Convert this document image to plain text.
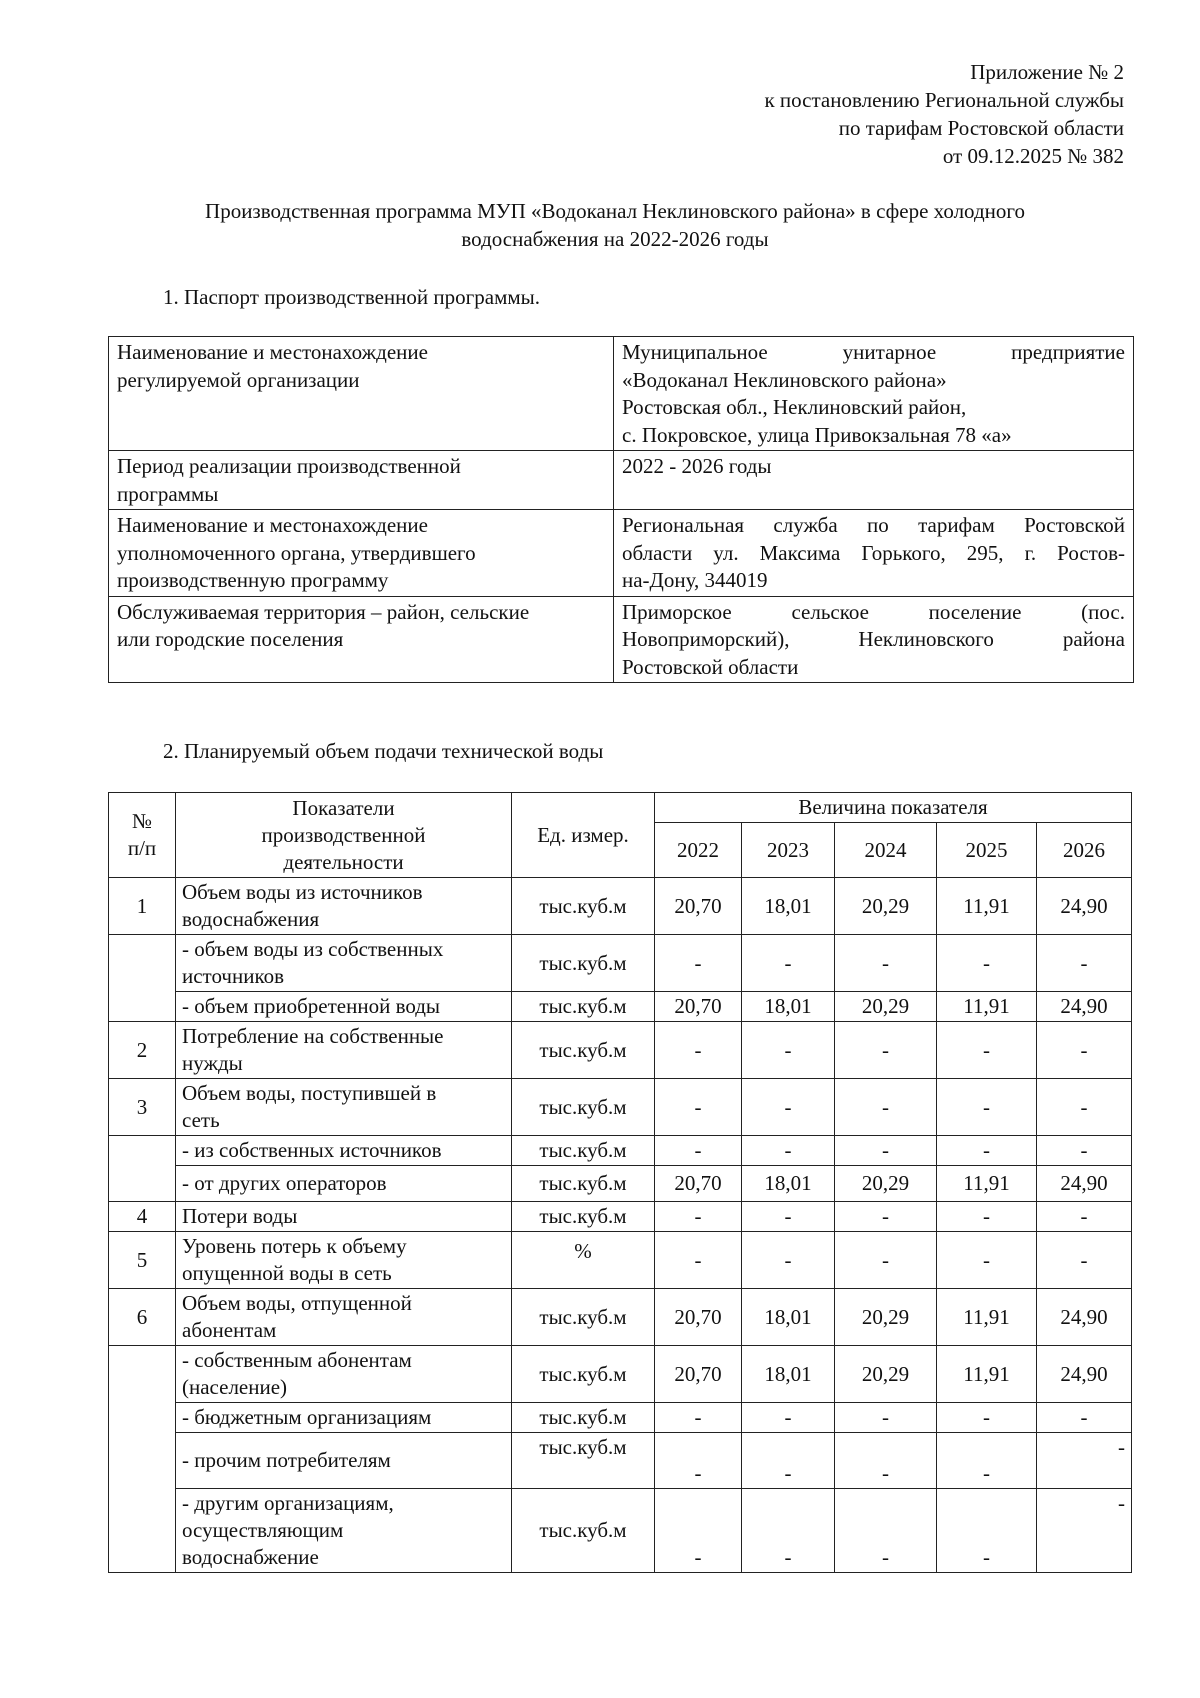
Приложение № 2
к постановлению Региональной службы
по тарифам Ростовской области
от 09.12.2025 № 382
Производственная программа МУП «Водоканал Неклиновского района» в сфере холодного
водоснабжения на 2022-2026 годы
1. Паспорт производственной программы.
Наименование и местонахождение
регулируемой организации	Муниципальное унитарное предприятие
«Водоканал Неклиновского района»
Ростовская обл., Неклиновский район,
с. Покровское, улица Привокзальная 78 «а»

Период реализации производственной
программы	2022 - 2026 годы

Наименование и местонахождение
уполномоченного органа, утвердившего
производственную программу	Региональная служба по тарифам Ростовской
области ул. Максима Горького, 295, г. Ростов-
на-Дону, 344019

Обслуживаемая территория – район, сельские
или городские поселения	Приморское сельское поселение (пос.
Новоприморский), Неклиновского района
Ростовской области
2. Планируемый объем подачи технической воды
№
п/п	Показатели
производственной
деятельности	Ед. измер.	Величина показателя				
			2022	2023	2024	2025	2026
1	Объем воды из источников
водоснабжения	тыс.куб.м	20,70	18,01	20,29	11,91	24,90

	- объем воды из собственных
источников	тыс.куб.м	-	-	-	-	-

	- объем приобретенной воды	тыс.куб.м	20,70	18,01	20,29	11,91	24,90
2	Потребление на собственные
нужды	тыс.куб.м	-	-	-	-	-
3	Объем воды, поступившей в
сеть	тыс.куб.м	-	-	-	-	-

	- из собственных источников	тыс.куб.м	-	-	-	-	-

	- от других операторов	тыс.куб.м	20,70	18,01	20,29	11,91	24,90
4	Потери воды	тыс.куб.м	-	-	-	-	-
5	Уровень потерь к объему
опущенной воды в сеть	%	-	-	-	-	-
6	Объем воды, отпущенной
абонентам	тыс.куб.м	20,70	18,01	20,29	11,91	24,90

	- собственным абонентам
(население)	тыс.куб.м	20,70	18,01	20,29	11,91	24,90

	- бюджетным организациям	тыс.куб.м	-	-	-	-	-

	- прочим потребителям	тыс.куб.м	-	-	-	-	-

	- другим организациям,
осуществляющим
водоснабжение	тыс.куб.м	-	-	-	-	-
